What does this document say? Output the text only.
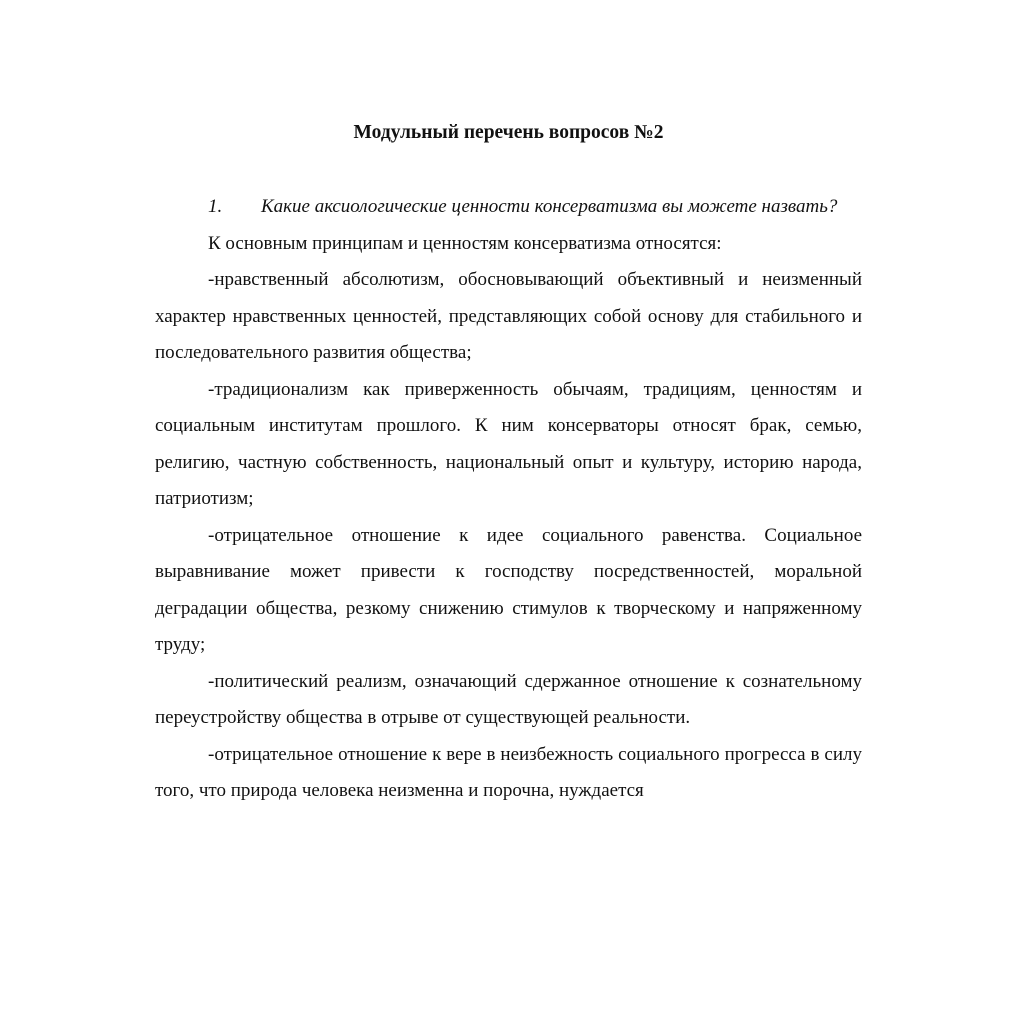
Модульный перечень вопросов №2

1. Какие аксиологические ценности консерватизма вы можете назвать?

К основным принципам и ценностям консерватизма относятся:

-нравственный абсолютизм, обосновывающий объективный и неизменный характер нравственных ценностей, представляющих собой основу для стабильного и последовательного развития общества;

-традиционализм как приверженность обычаям, традициям, ценностям и социальным институтам прошлого. К ним консерваторы относят брак, семью, религию, частную собственность, национальный опыт и культуру, историю народа, патриотизм;

-отрицательное отношение к идее социального равенства. Социальное выравнивание может привести к господству посредственностей, моральной деградации общества, резкому снижению стимулов к творческому и напряженному труду;

-политический реализм, означающий сдержанное отношение к сознательному переустройству общества в отрыве от существующей реальности.

-отрицательное отношение к вере в неизбежность социального прогресса в силу того, что природа человека неизменна и порочна, нуждается
